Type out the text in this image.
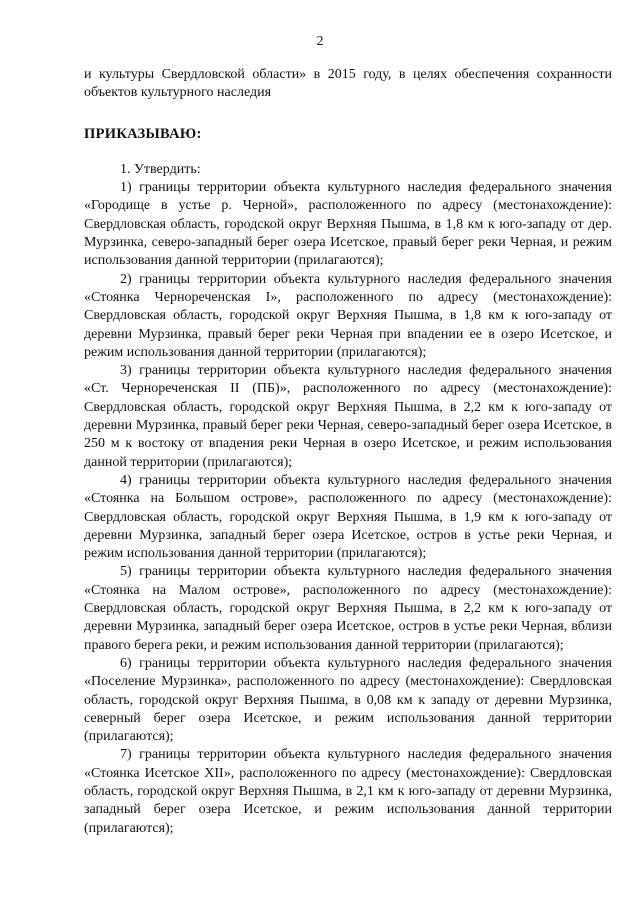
2

и культуры Свердловской области» в 2015 году, в целях обеспечения сохранности объектов культурного наследия

ПРИКАЗЫВАЮ:

1. Утвердить:

1) границы территории объекта культурного наследия федерального значения «Городище в устье р. Черной», расположенного по адресу (местонахождение): Свердловская область, городской округ Верхняя Пышма, в 1,8 км к юго-западу от дер. Мурзинка, северо-западный берег озера Исетское, правый берег реки Черная, и режим использования данной территории (прилагаются);

2) границы территории объекта культурного наследия федерального значения «Стоянка Чернореченская I», расположенного по адресу (местонахождение): Свердловская область, городской округ Верхняя Пышма, в 1,8 км к юго-западу от деревни Мурзинка, правый берег реки Черная при впадении ее в озеро Исетское, и режим использования данной территории (прилагаются);

3) границы территории объекта культурного наследия федерального значения «Ст. Чернореченская II (ПБ)», расположенного по адресу (местонахождение): Свердловская область, городской округ Верхняя Пышма, в 2,2 км к юго-западу от деревни Мурзинка, правый берег реки Черная, северо-западный берег озера Исетское, в 250 м к востоку от впадения реки Черная в озеро Исетское, и режим использования данной территории (прилагаются);

4) границы территории объекта культурного наследия федерального значения «Стоянка на Большом острове», расположенного по адресу (местонахождение): Свердловская область, городской округ Верхняя Пышма, в 1,9 км к юго-западу от деревни Мурзинка, западный берег озера Исетское, остров в устье реки Черная, и режим использования данной территории (прилагаются);

5) границы территории объекта культурного наследия федерального значения «Стоянка на Малом острове», расположенного по адресу (местонахождение): Свердловская область, городской округ Верхняя Пышма, в 2,2 км к юго-западу от деревни Мурзинка, западный берег озера Исетское, остров в устье реки Черная, вблизи правого берега реки, и режим использования данной территории (прилагаются);

6) границы территории объекта культурного наследия федерального значения «Поселение Мурзинка», расположенного по адресу (местонахождение): Свердловская область, городской округ Верхняя Пышма, в 0,08 км к западу от деревни Мурзинка, северный берег озера Исетское, и режим использования данной территории (прилагаются);

7) границы территории объекта культурного наследия федерального значения «Стоянка Исетское XII», расположенного по адресу (местонахождение): Свердловская область, городской округ Верхняя Пышма, в 2,1 км к юго-западу от деревни Мурзинка, западный берег озера Исетское, и режим использования данной территории (прилагаются);
